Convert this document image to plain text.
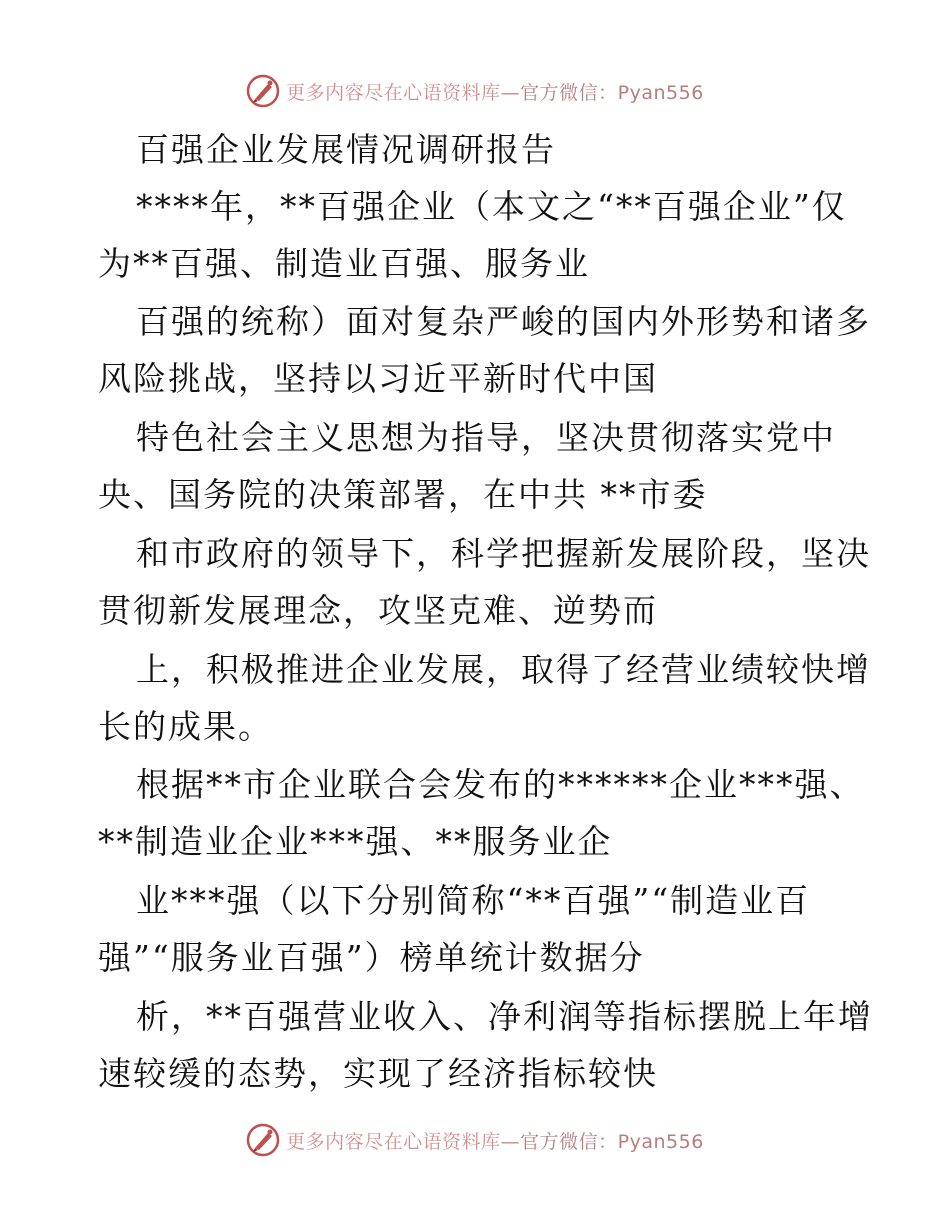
更多内容尽在心语资料库—官方微信：Pyan556
百强企业发展情况调研报告
****年，**百强企业（本文之“**百强企业”仅
为**百强、制造业百强、服务业
百强的统称）面对复杂严峻的国内外形势和诸多
风险挑战，坚持以习近平新时代中国
特色社会主义思想为指导，坚决贯彻落实党中
央、国务院的决策部署，在中共 **市委
和市政府的领导下，科学把握新发展阶段，坚决
贯彻新发展理念，攻坚克难、逆势而
上，积极推进企业发展，取得了经营业绩较快增
长的成果。
根据**市企业联合会发布的******企业***强、
**制造业企业***强、**服务业企
业***强（以下分别简称“**百强”“制造业百
强”“服务业百强”）榜单统计数据分
析，**百强营业收入、净利润等指标摆脱上年增
速较缓的态势，实现了经济指标较快
更多内容尽在心语资料库—官方微信：Pyan556
